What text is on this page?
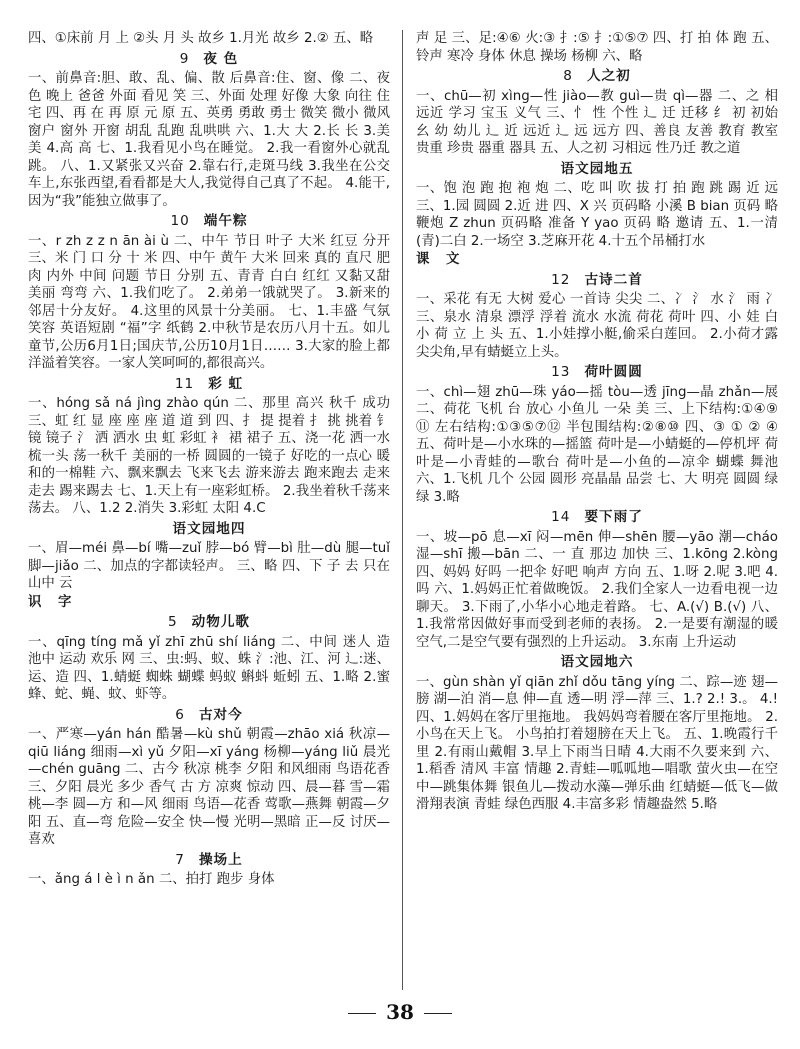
四、①床前 月 上 ②头 月 头 故乡 1.月光 故乡 2.② 五、略

9 夜 色

一、前鼻音:胆、敢、乱、偏、散 后鼻音:住、窗、像 二、夜色 晚上 爸爸 外面 看见 笑 三、外面 处理 好像 大象 向往 住宅 四、再 在 再 原 元 原 五、英勇 勇敢 勇士 微笑 微小 微风 窗户 窗外 开窗 胡乱 乱跑 乱哄哄 六、1.大 大 2.长 长 3.美 美 4.高 高 七、1.我看见小鸟在睡觉。 2.我一看窗外心就乱跳。 八、1.又紧张又兴奋 2.靠右行,走斑马线 3.我坐在公交车上,东张西望,看看都是大人,我觉得自己真了不起。 4.能干,因为“我”能独立做事了。

10 端午粽

一、r zh z z n ān ài ù 二、中午 节日 叶子 大米 红豆 分开 三、米 门 口 分 十 米 四、中午 黄午 大米 回来 真的 直尺 肥肉 内外 中间 问题 节日 分别 五、青青 白白 红红 又黏又甜 美丽 弯弯 六、1.我们吃了。 2.弟弟一饿就哭了。 3.新来的邻居十分友好。 4.这里的风景十分美丽。 七、1.丰盛 气氛 笑容 英语短剧 “福”字 纸鹤 2.中秋节是农历八月十五。如儿童节,公历6月1日;国庆节,公历10月1日…… 3.大家的脸上都洋溢着笑容。一家人笑呵呵的,都很高兴。

11 彩 虹

一、hóng sǎ ná jìng zhào qún 二、那里 高兴 秋千 成功 三、虹 红 显 座 座 座 道 道 到 四、扌 提 提着 扌 挑 挑着 钅 镜 镜子 氵 洒 洒水 虫 虹 彩虹 衤 裙 裙子 五、浇一花 洒一水 梳一头 荡一秋千 美丽的一桥 圆圆的一镜子 好吃的一点心 暖和的一棉鞋 六、飘来飘去 飞来飞去 游来游去 跑来跑去 走来走去 踢来踢去 七、1.天上有一座彩虹桥。 2.我坐着秋千荡来荡去。 八、1.2 2.消失 3.彩虹 太阳 4.C

语文园地四

一、眉—méi 鼻—bí 嘴—zuǐ 脖—bó 臂—bì 肚—dù 腿—tuǐ 脚—jiǎo 二、加点的字都读轻声。 三、略 四、下 子 去 只在 山中 云

识 字
5 动物儿歌

一、qīng tíng mǎ yǐ zhī zhū shí liáng 二、中间 迷人 造 池中 运动 欢乐 网 三、虫:蚂、蚁、蛛 氵:池、江、河 辶:迷、运、造 四、1.蜻蜓 蜘蛛 蝴蝶 蚂蚁 蝌蚪 蚯蚓 五、1.略 2.蜜蜂、蛇、蝇、蚊、虾等。

6 古对今

一、严寒—yán hán 酷暑—kù shǔ 朝霞—zhāo xiá 秋凉—qiū liáng 细雨—xì yǔ 夕阳—xī yáng 杨柳—yáng liǔ 晨光—chén guāng 二、古今 秋凉 桃李 夕阳 和风细雨 鸟语花香 三、夕阳 晨光 多少 香气 古 方 凉爽 惊动 四、晨—暮 雪—霜 桃—李 圆—方 和—风 细雨 鸟语—花香 莺歌—燕舞 朝霞—夕阳 五、直—弯 危险—安全 快—慢 光明—黑暗 正—反 讨厌—喜欢

7 操场上

一、ǎng á l è ì n ǎn 二、拍打 跑步 身体

声 足 三、足:④⑥ 火:③ 扌:⑤ 扌:①⑤⑦ 四、打 拍 体 跑 五、铃声 寒冷 身体 休息 操场 杨柳 六、略

8 人之初

一、chū—初 xìng—性 jiào—教 guì—贵 qì—器 二、之 相 远近 学习 宝玉 义气 三、忄 性 个性 辶 迁 迁移 纟 初 初始 幺 幼 幼儿 辶 近 远近 辶 远 远方 四、善良 友善 教育 教室 贵重 珍贵 器重 器具 五、人之初 习相远 性乃迁 教之道

语文园地五

一、饱 泡 跑 抱 袍 炮 二、吃 叫 吹 拔 打 拍 跑 跳 踢 近 远 三、1.园 圆圆 2.近 进 四、X 兴 页码略 小溪 B bian 页码 略 鞭炮 Z zhun 页码略 准备 Y yao 页码 略 邀请 五、1.一清(青)二白 2.一场空 3.芝麻开花 4.十五个吊桶打水

课 文
12 古诗二首

一、采花 有无 大树 爱心 一首诗 尖尖 二、冫 氵 水 氵 雨 冫 三、泉水 清泉 漂浮 浮着 流水 水流 荷花 荷叶 四、小 娃 白 小 荷 立 上 头 五、1.小娃撑小艇,偷采白莲回。 2.小荷才露尖尖角,早有蜻蜓立上头。

13 荷叶圆圆

一、chì—翅 zhū—珠 yáo—摇 tòu—透 jīng—晶 zhǎn—展 二、荷花 飞机 台 放心 小鱼儿 一朵 美 三、上下结构:①④⑨⑪ 左右结构:①③⑤⑦⑫ 半包围结构:②⑧⑩ 四、③ ① ② ④ 五、荷叶是—小水珠的—摇篮 荷叶是—小蜻蜓的—停机坪 荷叶是—小青蛙的—歌台 荷叶是—小鱼的—凉伞 蝴蝶 舞池 六、1.飞机 几个 公园 圆形 亮晶晶 品尝 七、大 明亮 圆圆 绿绿 3.略

14 要下雨了

一、坡—pō 息—xī 闷—mēn 伸—shēn 腰—yāo 潮—cháo 湿—shī 搬—bān 二、一 直 那边 加快 三、1.kōng 2.kòng 四、妈妈 好吗 一把伞 好吧 响声 方向 五、1.呀 2.呢 3.吧 4.吗 六、1.妈妈正忙着做晚饭。 2.我们全家人一边看电视一边聊天。 3.下雨了,小华小心地走着路。 七、A.(√) B.(√) 八、1.我常常因做好事而受到老师的表扬。 2.一是要有潮湿的暖空气,二是空气要有强烈的上升运动。 3.东南 上升运动

语文园地六

一、gùn shàn yǐ qiān zhǐ dǒu tāng yíng 二、踪—迹 翅—膀 湖—泊 消—息 伸—直 透—明 浮—萍 三、1.? 2.! 3.。 4.! 四、1.妈妈在客厅里拖地。 我妈妈弯着腰在客厅里拖地。 2.小鸟在天上飞。 小鸟拍打着翅膀在天上飞。 五、1.晚霞行千里 2.有雨山戴帽 3.早上下雨当日晴 4.大雨不久要来到 六、1.稻香 清风 丰富 情趣 2.青蛙—呱呱地—唱歌 萤火虫—在空中—跳集体舞 银鱼儿—拨动水藻—弹乐曲 红蜻蜓—低飞—做滑翔表演 青蛙 绿色西服 4.丰富多彩 情趣盎然 5.略

38
